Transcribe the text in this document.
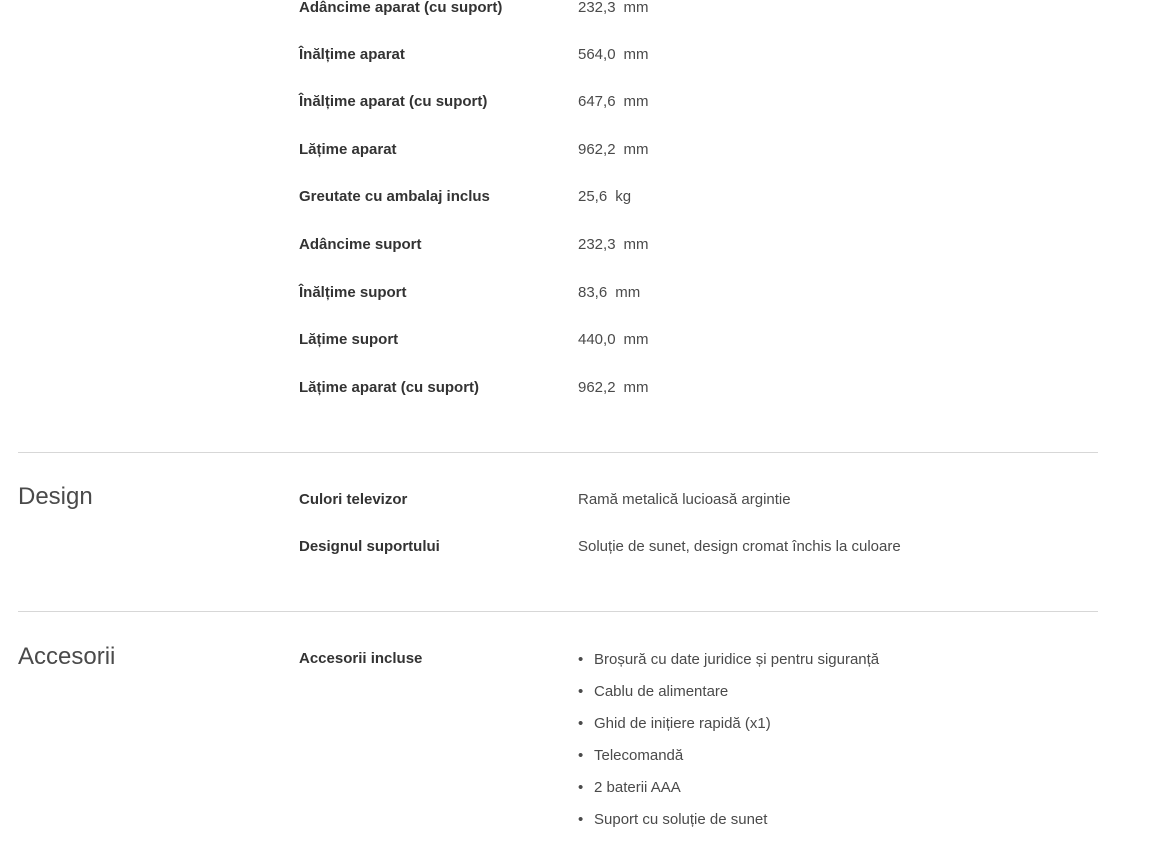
Adâncime aparat (cu suport)	232,3 mm
Înălțime aparat	564,0 mm
Înălțime aparat (cu suport)	647,6 mm
Lățime aparat	962,2 mm
Greutate cu ambalaj inclus	25,6 kg
Adâncime suport	232,3 mm
Înălțime suport	83,6 mm
Lățime suport	440,0 mm
Lățime aparat (cu suport)	962,2 mm
Design	Culori televizor	Ramă metalică lucioasă argintie
Designul suportului	Soluție de sunet, design cromat închis la culoare
Accesorii	Accesorii incluse	• Broșură cu date juridice și pentru siguranță
• Cablu de alimentare
• Ghid de inițiere rapidă (x1)
• Telecomandă
• 2 baterii AAA
• Suport cu soluție de sunet
